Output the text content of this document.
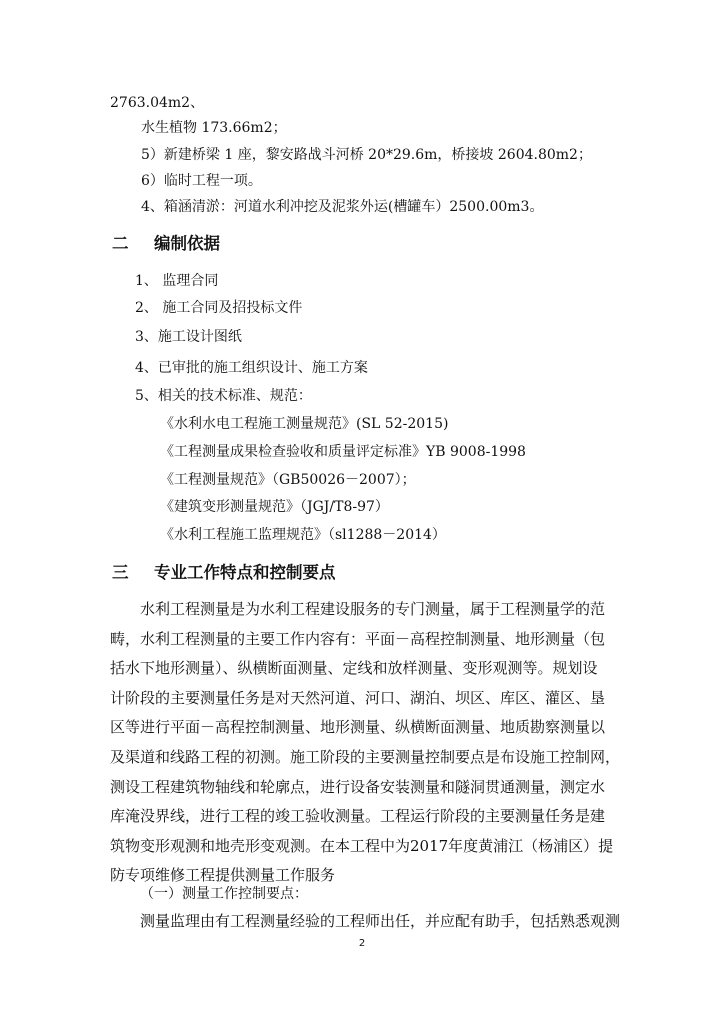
2763.04m2、
水生植物 173.66m2；
5）新建桥梁 1 座，黎安路战斗河桥 20*29.6m，桥接坡 2604.80m2；
6）临时工程一项。
4、箱涵清淤：河道水利冲挖及泥浆外运(槽罐车）2500.00m3。
二 编制依据
1、 监理合同
2、 施工合同及招投标文件
3、施工设计图纸
4、已审批的施工组织设计、施工方案
5、相关的技术标准、规范：
《水利水电工程施工测量规范》(SL 52-2015)
《工程测量成果检查验收和质量评定标准》YB 9008-1998
《工程测量规范》（GB50026－2007）；
《建筑变形测量规范》（JGJ/T8-97）
《水利工程施工监理规范》（sl1288－2014）
三 专业工作特点和控制要点

　　水利工程测量是为水利工程建设服务的专门测量，属于工程测量学的范

畴，水利工程测量的主要工作内容有：平面－高程控制测量、地形测量（包

括水下地形测量）、纵横断面测量、定线和放样测量、变形观测等。规划设

计阶段的主要测量任务是对天然河道、河口、湖泊、坝区、库区、灌区、垦

区等进行平面－高程控制测量、地形测量、纵横断面测量、地质勘察测量以

及渠道和线路工程的初测。施工阶段的主要测量控制要点是布设施工控制网，

测设工程建筑物轴线和轮廓点，进行设备安装测量和隧洞贯通测量，测定水

库淹没界线，进行工程的竣工验收测量。工程运行阶段的主要测量任务是建

筑物变形观测和地壳形变观测。在本工程中为2017年度黄浦江（杨浦区）提

防专项维修工程提供测量工作服务

（一）测量工作控制要点：
测量监理由有工程测量经验的工程师出任，并应配有助手，包括熟悉观测
2
